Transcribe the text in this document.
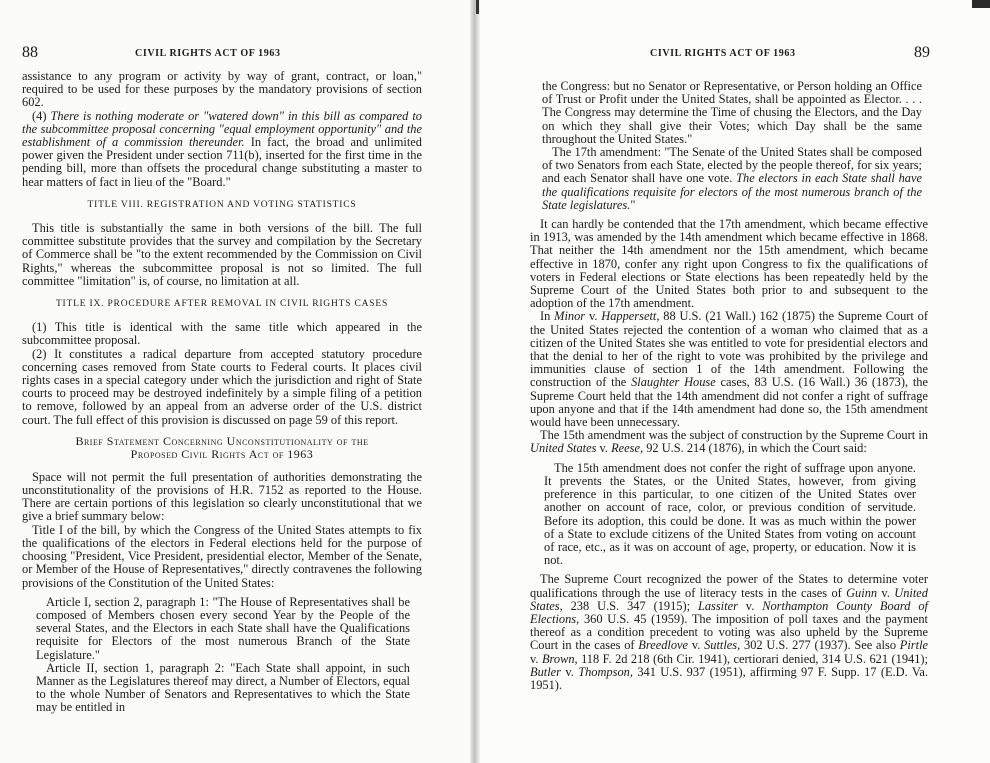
88	CIVIL RIGHTS ACT OF 1963

assistance to any program or activity by way of grant, contract, or loan," required to be used for these purposes by the mandatory provisions of section 602.

(4) There is nothing moderate or "watered down" in this bill as compared to the subcommittee proposal concerning "equal employment opportunity" and the establishment of a commission thereunder. In fact, the broad and unlimited power given the President under section 711(b), inserted for the first time in the pending bill, more than offsets the procedural change substituting a master to hear matters of fact in lieu of the "Board."

TITLE VIII. REGISTRATION AND VOTING STATISTICS

This title is substantially the same in both versions of the bill. The full committee substitute provides that the survey and compilation by the Secretary of Commerce shall be "to the extent recommended by the Commission on Civil Rights," whereas the subcommittee proposal is not so limited. The full committee "limitation" is, of course, no limitation at all.

TITLE IX. PROCEDURE AFTER REMOVAL IN CIVIL RIGHTS CASES

(1) This title is identical with the same title which appeared in the subcommittee proposal.

(2) It constitutes a radical departure from accepted statutory procedure concerning cases removed from State courts to Federal courts. It places civil rights cases in a special category under which the jurisdiction and right of State courts to proceed may be destroyed indefinitely by a simple filing of a petition to remove, followed by an appeal from an adverse order of the U.S. district court. The full effect of this provision is discussed on page 59 of this report.

Brief Statement Concerning Unconstitutionality of the
Proposed Civil Rights Act of 1963

Space will not permit the full presentation of authorities demonstrating the unconstitutionality of the provisions of H.R. 7152 as reported to the House. There are certain portions of this legislation so clearly unconstitutional that we give a brief summary below:

Title I of the bill, by which the Congress of the United States attempts to fix the qualifications of the electors in Federal elections held for the purpose of choosing "President, Vice President, presidential elector, Member of the Senate, or Member of the House of Representatives," directly contravenes the following provisions of the Constitution of the United States:

Article I, section 2, paragraph 1: "The House of Representatives shall be composed of Members chosen every second Year by the People of the several States, and the Electors in each State shall have the Qualifications requisite for Electors of the most numerous Branch of the State Legislature."

Article II, section 1, paragraph 2: "Each State shall appoint, in such Manner as the Legislatures thereof may direct, a Number of Electors, equal to the whole Number of Senators and Representatives to which the State may be entitled in

CIVIL RIGHTS ACT OF 1963	89

the Congress: but no Senator or Representative, or Person holding an Office of Trust or Profit under the United States, shall be appointed as Elector. . . . The Congress may determine the Time of chusing the Electors, and the Day on which they shall give their Votes; which Day shall be the same throughout the United States."

The 17th amendment: "The Senate of the United States shall be composed of two Senators from each State, elected by the people thereof, for six years; and each Senator shall have one vote. The electors in each State shall have the qualifications requisite for electors of the most numerous branch of the State legislatures."

It can hardly be contended that the 17th amendment, which became effective in 1913, was amended by the 14th amendment which became effective in 1868. That neither the 14th amendment nor the 15th amendment, which became effective in 1870, confer any right upon Congress to fix the qualifications of voters in Federal elections or State elections has been repeatedly held by the Supreme Court of the United States both prior to and subsequent to the adoption of the 17th amendment.

In Minor v. Happersett, 88 U.S. (21 Wall.) 162 (1875) the Supreme Court of the United States rejected the contention of a woman who claimed that as a citizen of the United States she was entitled to vote for presidential electors and that the denial to her of the right to vote was prohibited by the privilege and immunities clause of section 1 of the 14th amendment. Following the construction of the Slaughter House cases, 83 U.S. (16 Wall.) 36 (1873), the Supreme Court held that the 14th amendment did not confer a right of suffrage upon anyone and that if the 14th amendment had done so, the 15th amendment would have been unnecessary.

The 15th amendment was the subject of construction by the Supreme Court in United States v. Reese, 92 U.S. 214 (1876), in which the Court said:

The 15th amendment does not confer the right of suffrage upon anyone. It prevents the States, or the United States, however, from giving preference in this particular, to one citizen of the United States over another on account of race, color, or previous condition of servitude. Before its adoption, this could be done. It was as much within the power of a State to exclude citizens of the United States from voting on account of race, etc., as it was on account of age, property, or education. Now it is not.

The Supreme Court recognized the power of the States to determine voter qualifications through the use of literacy tests in the cases of Guinn v. United States, 238 U.S. 347 (1915); Lassiter v. Northampton County Board of Elections, 360 U.S. 45 (1959). The imposition of poll taxes and the payment thereof as a condition precedent to voting was also upheld by the Supreme Court in the cases of Breedlove v. Suttles, 302 U.S. 277 (1937). See also Pirtle v. Brown, 118 F. 2d 218 (6th Cir. 1941), certiorari denied, 314 U.S. 621 (1941); Butler v. Thompson, 341 U.S. 937 (1951), affirming 97 F. Supp. 17 (E.D. Va. 1951).
